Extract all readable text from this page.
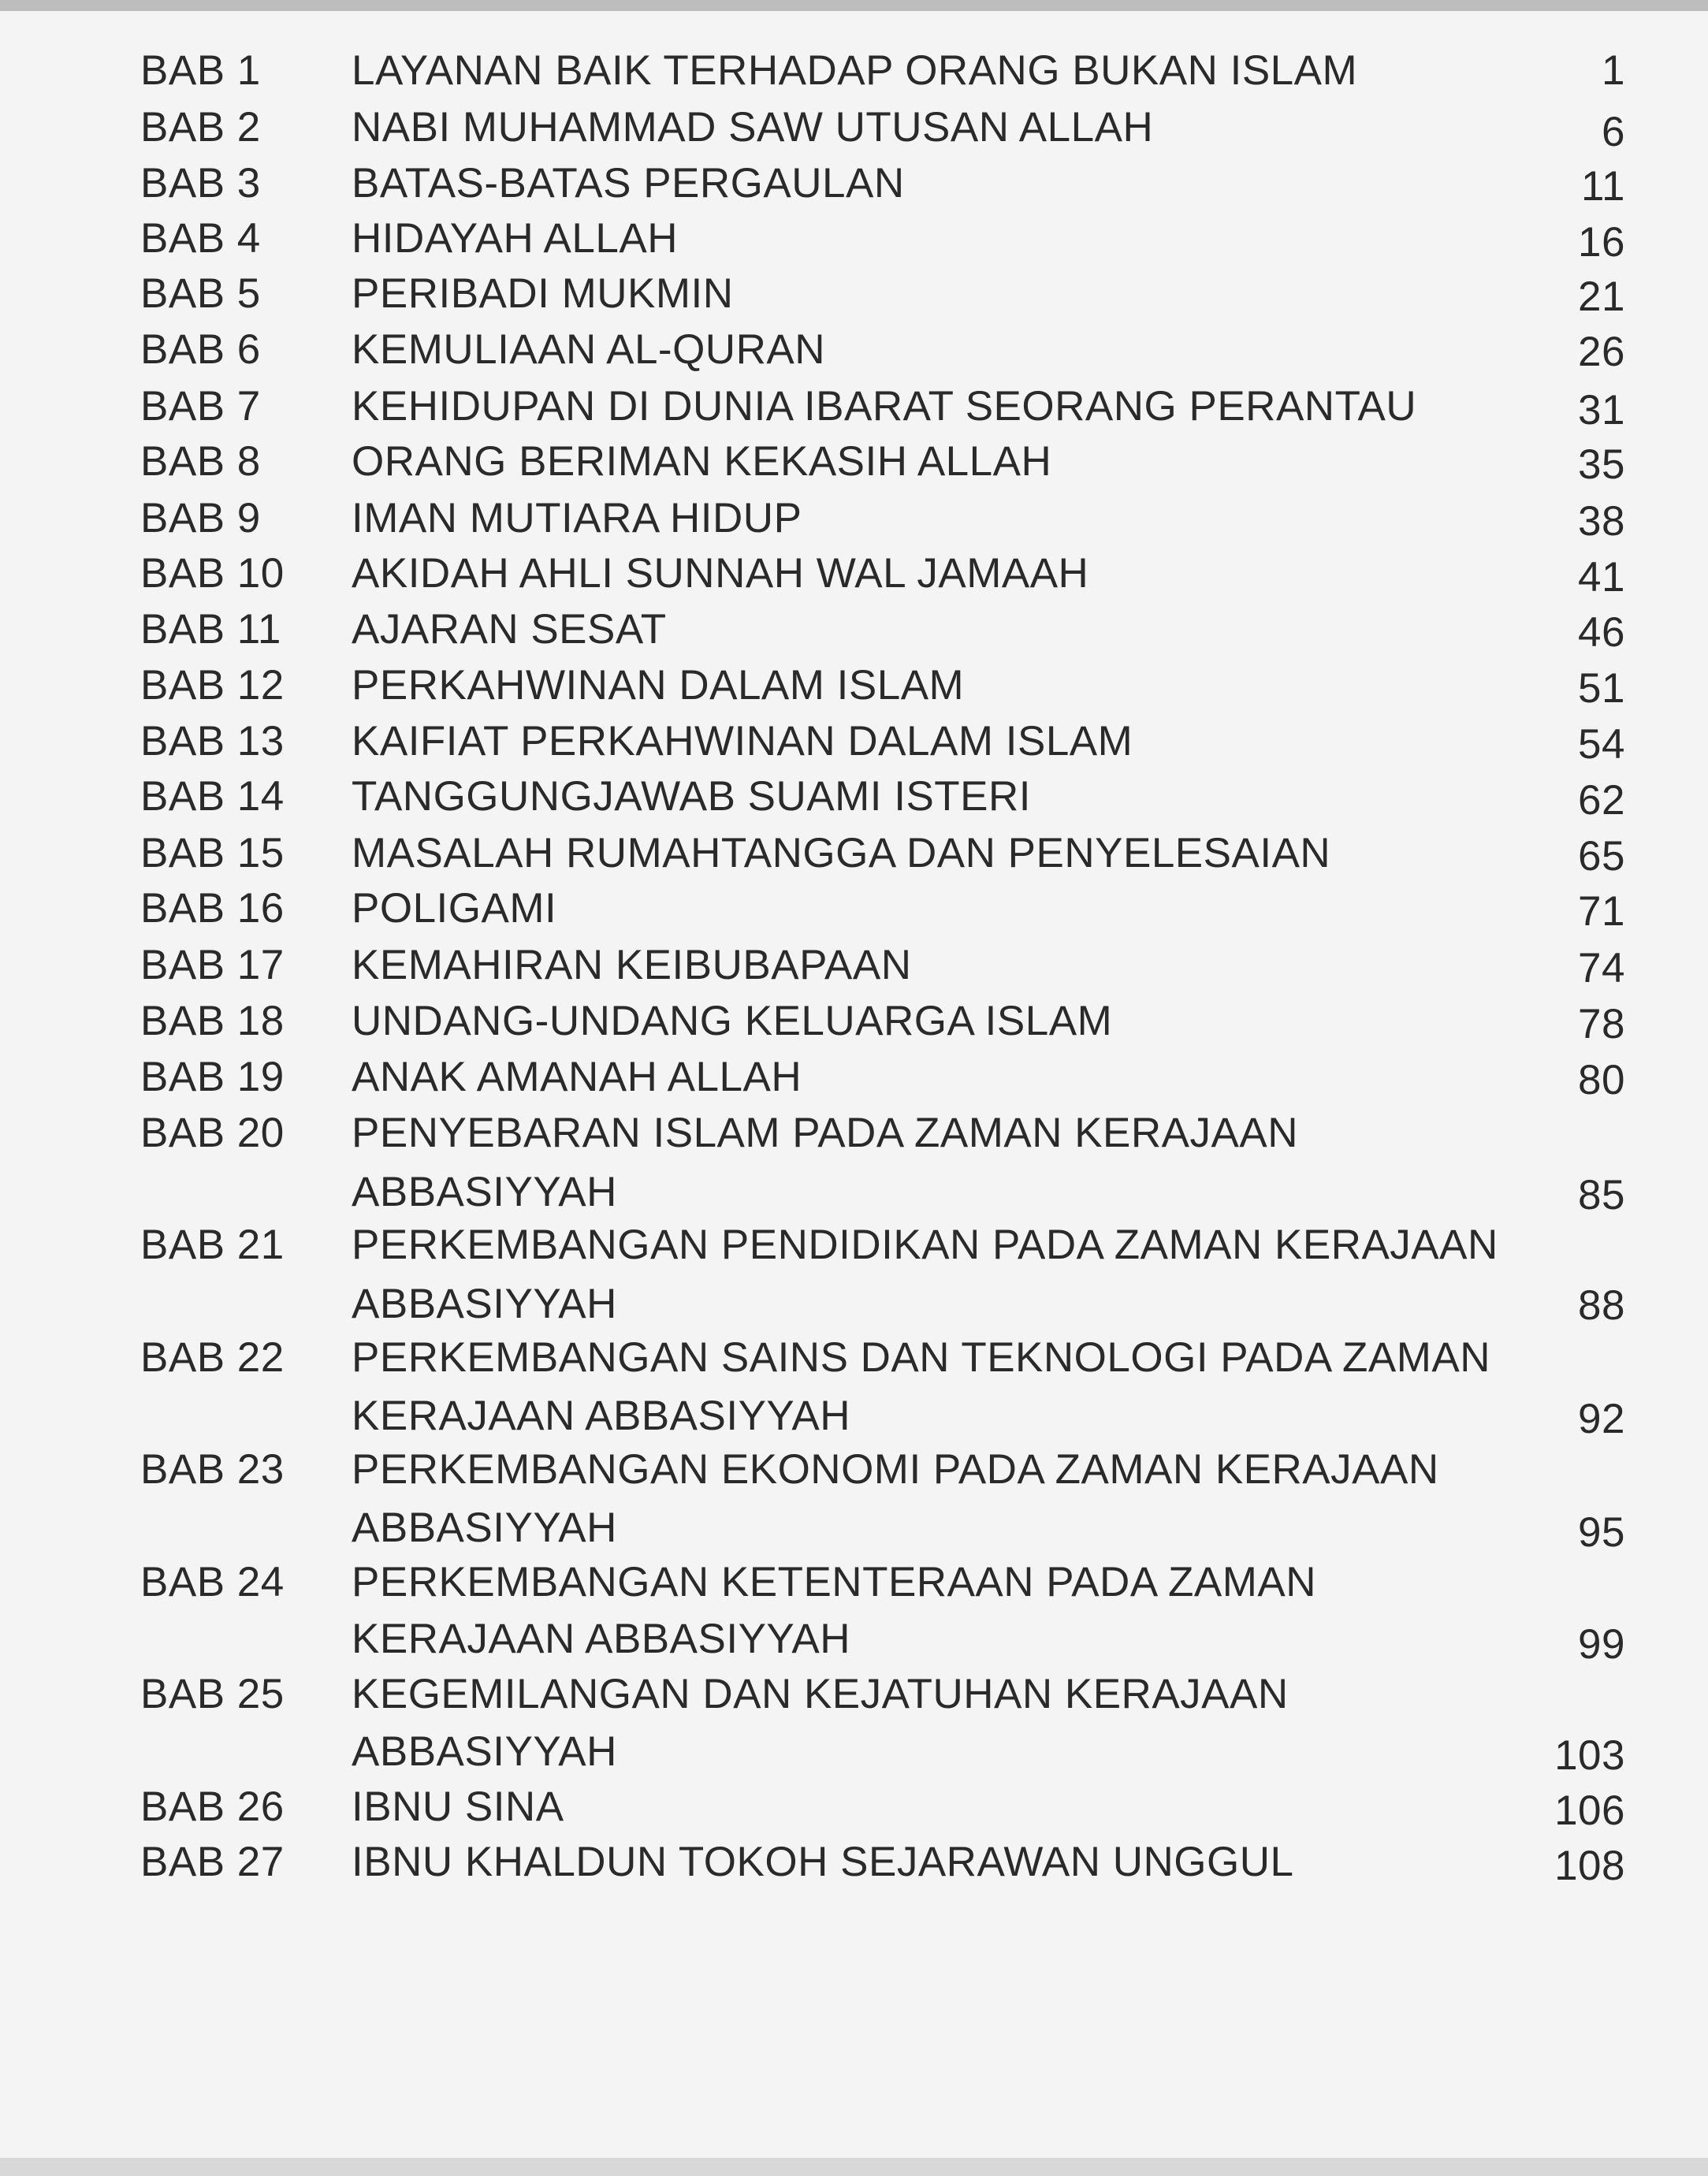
BAB 1 LAYANAN BAIK TERHADAP ORANG BUKAN ISLAM	1
BAB 2 NABI MUHAMMAD SAW UTUSAN ALLAH	6
BAB 3 BATAS-BATAS PERGAULAN	11
BAB 4 HIDAYAH ALLAH	16
BAB 5 PERIBADI MUKMIN	21
BAB 6 KEMULIAAN AL-QURAN	26
BAB 7 KEHIDUPAN DI DUNIA IBARAT SEORANG PERANTAU	31
BAB 8 ORANG BERIMAN KEKASIH ALLAH	35
BAB 9 IMAN MUTIARA HIDUP	38
BAB 10 AKIDAH AHLI SUNNAH WAL JAMAAH	41
BAB 11 AJARAN SESAT	46
BAB 12 PERKAHWINAN DALAM ISLAM	51
BAB 13 KAIFIAT PERKAHWINAN DALAM ISLAM	54
BAB 14 TANGGUNGJAWAB SUAMI ISTERI	62
BAB 15 MASALAH RUMAHTANGGA DAN PENYELESAIAN	65
BAB 16 POLIGAMI	71
BAB 17 KEMAHIRAN KEIBUBAPAAN	74
BAB 18 UNDANG-UNDANG KELUARGA ISLAM	78
BAB 19 ANAK AMANAH ALLAH	80
BAB 20 PENYEBARAN ISLAM PADA ZAMAN KERAJAAN
ABBASIYYAH	85
BAB 21 PERKEMBANGAN PENDIDIKAN PADA ZAMAN KERAJAAN
ABBASIYYAH	88
BAB 22 PERKEMBANGAN SAINS DAN TEKNOLOGI PADA ZAMAN
KERAJAAN ABBASIYYAH	92
BAB 23 PERKEMBANGAN EKONOMI PADA ZAMAN KERAJAAN
ABBASIYYAH	95
BAB 24 PERKEMBANGAN KETENTERAAN PADA ZAMAN
KERAJAAN ABBASIYYAH	99
BAB 25 KEGEMILANGAN DAN KEJATUHAN KERAJAAN
ABBASIYYAH	103
BAB 26 IBNU SINA	106
BAB 27 IBNU KHALDUN TOKOH SEJARAWAN UNGGUL	108
